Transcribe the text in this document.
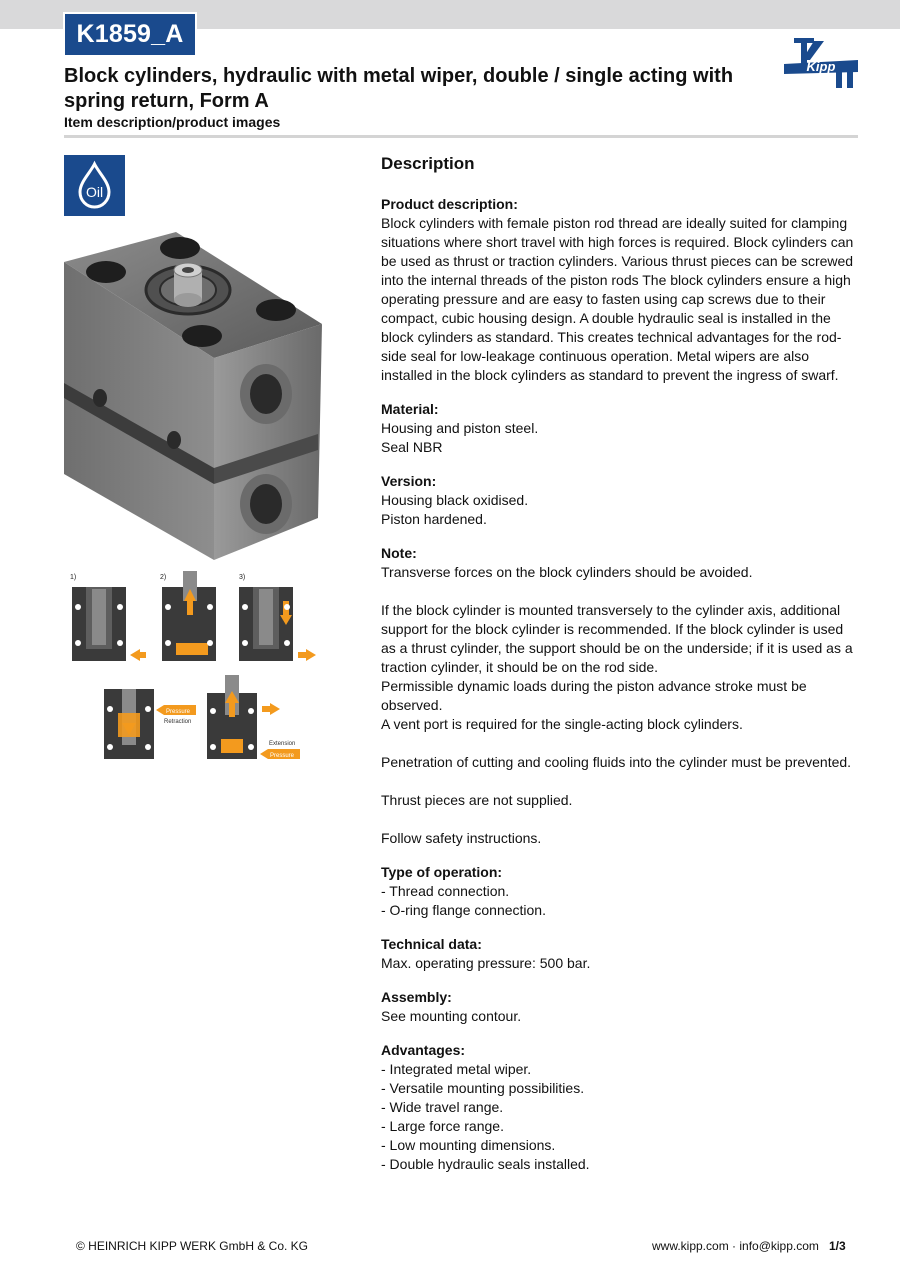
K1859_A
Kipp
Block cylinders, hydraulic with metal wiper, double / single acting with spring return, Form A

Item description/product images

Oil
1)	2)	3)
Pressure
Retraction
Extension
Pressure
Description
Product description:

Block cylinders with female piston rod thread are ideally suited for clamping situations where short travel with high forces is required. Block cylinders can be used as thrust or traction cylinders. Various thrust pieces can be screwed into the internal threads of the piston rods The block cylinders ensure a high operating pressure and are easy to fasten using cap screws due to their compact, cubic housing design. A double hydraulic seal is installed in the block cylinders as standard. This creates technical advantages for the rod-side seal for low-leakage continuous operation. Metal wipers are also installed in the block cylinders as standard to prevent the ingress of swarf.

Material:

Housing and piston steel.

Seal NBR

Version:

Housing black oxidised.

Piston hardened.

Note:

Transverse forces on the block cylinders should be avoided.

If the block cylinder is mounted transversely to the cylinder axis, additional support for the block cylinder is recommended. If the block cylinder is used as a thrust cylinder, the support should be on the underside; if it is used as a traction cylinder, it should be on the rod side.

Permissible dynamic loads during the piston advance stroke must be observed.

A vent port is required for the single-acting block cylinders.

Penetration of cutting and cooling fluids into the cylinder must be prevented.

Thrust pieces are not supplied.

Follow safety instructions.

Type of operation:

- Thread connection.

- O-ring flange connection.

Technical data:

Max. operating pressure: 500 bar.

Assembly:

See mounting contour.

Advantages:

- Integrated metal wiper.

- Versatile mounting possibilities.

- Wide travel range.

- Large force range.

- Low mounting dimensions.

- Double hydraulic seals installed.

© HEINRICH KIPP WERK GmbH & Co. KG	www.kipp.com · info@kipp.com 1/3
